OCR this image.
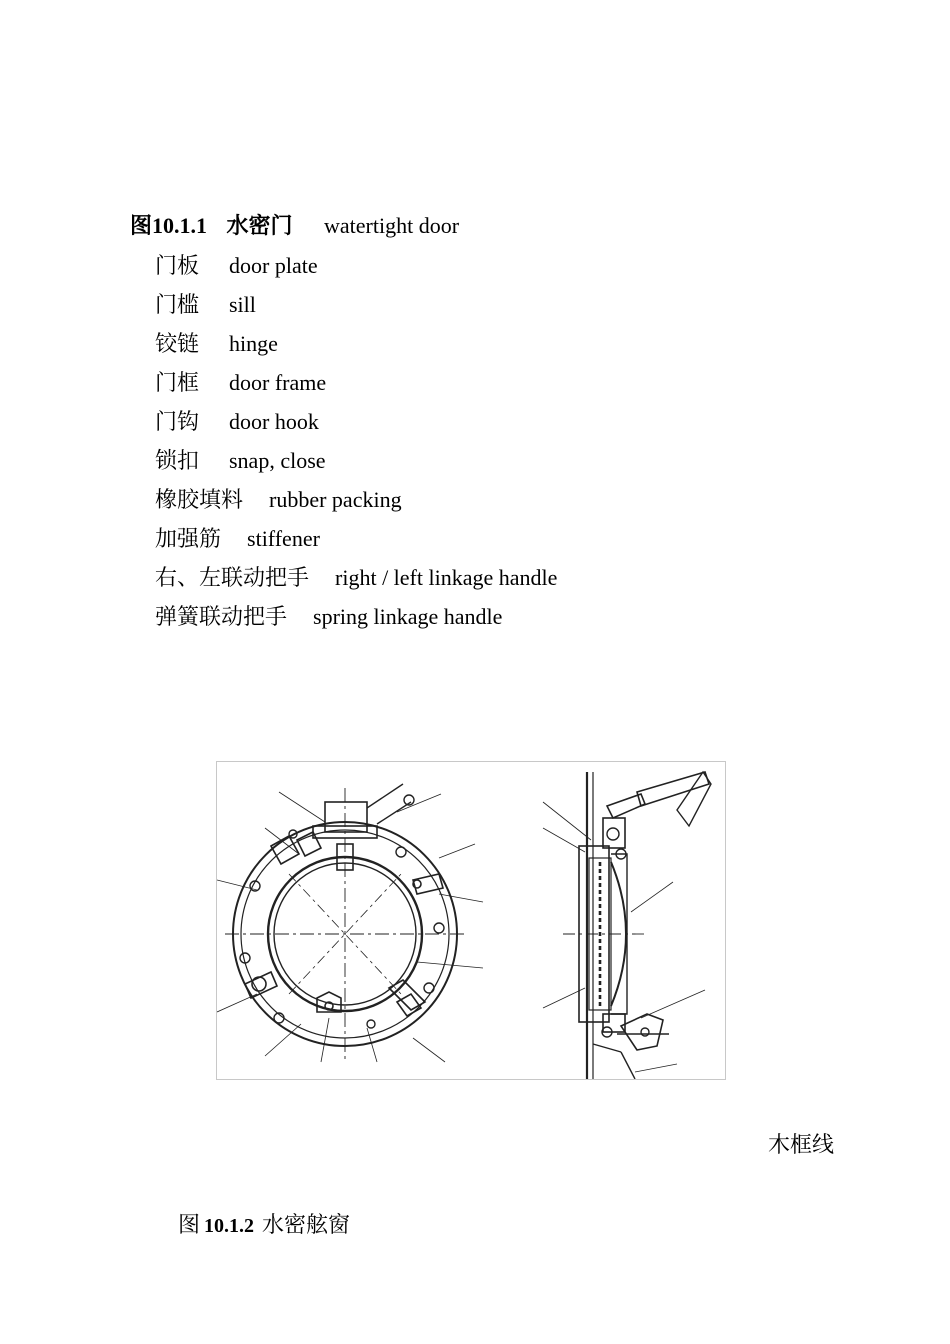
图10.1.1 水密门 watertight door
门板 door plate
门槛 sill
铰链 hinge
门框 door frame
门钩 door hook
锁扣 snap, close
橡胶填料 rubber packing
加强筋 stiffener
右、左联动把手 right / left linkage handle
弹簧联动把手 spring linkage handle
木框线
图 10.1.2 水密舷窗
